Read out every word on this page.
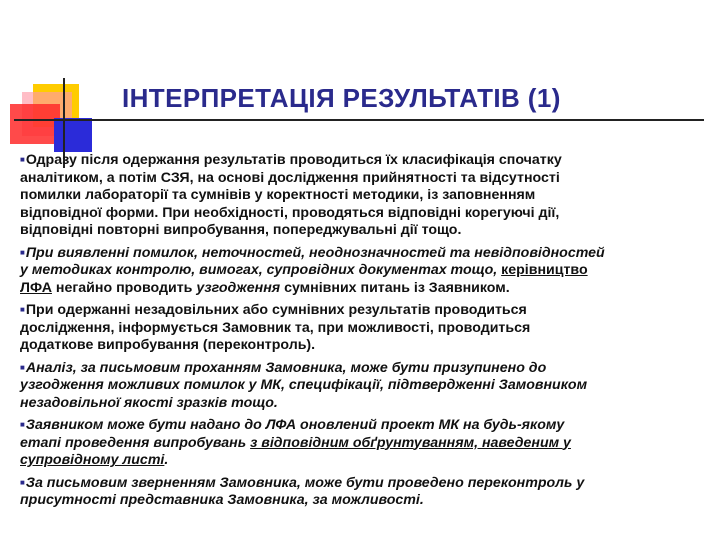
ІНТЕРПРЕТАЦІЯ РЕЗУЛЬТАТІВ (1)
■Одразу після одержання результатів проводиться їх класифікація спочатку
аналітиком, а потім СЗЯ, на основі дослідження прийнятності та відсутності
помилки лабораторії та сумнівів у коректності методики, із заповненням
відповідної форми. При необхідності, проводяться відповідні корегуючі дії,
відповідні повторні випробування, попереджувальні дії тощо.
■При виявленні помилок, неточностей, неоднозначностей та невідповідностей
у методиках контролю, вимогах, супровідних документах тощо, керівництво
ЛФА негайно проводить узгодження сумнівних питань із Заявником.
■При одержанні незадовільних або сумнівних результатів проводиться
дослідження, інформується Замовник та, при можливості, проводиться
додаткове випробування (переконтроль).
■Аналіз, за письмовим проханням Замовника, може бути призупинено до
узгодження можливих помилок у МК, специфікації, підтвердженні Замовником
незадовільної якості зразків тощо.
■Заявником може бути надано до ЛФА оновлений проект МК на будь-якому
етапі проведення випробувань з відповідним обґрунтуванням, наведеним у
супровідному листі.
■За письмовим зверненням Замовника, може бути проведено переконтроль у
присутності представника Замовника, за можливості.
